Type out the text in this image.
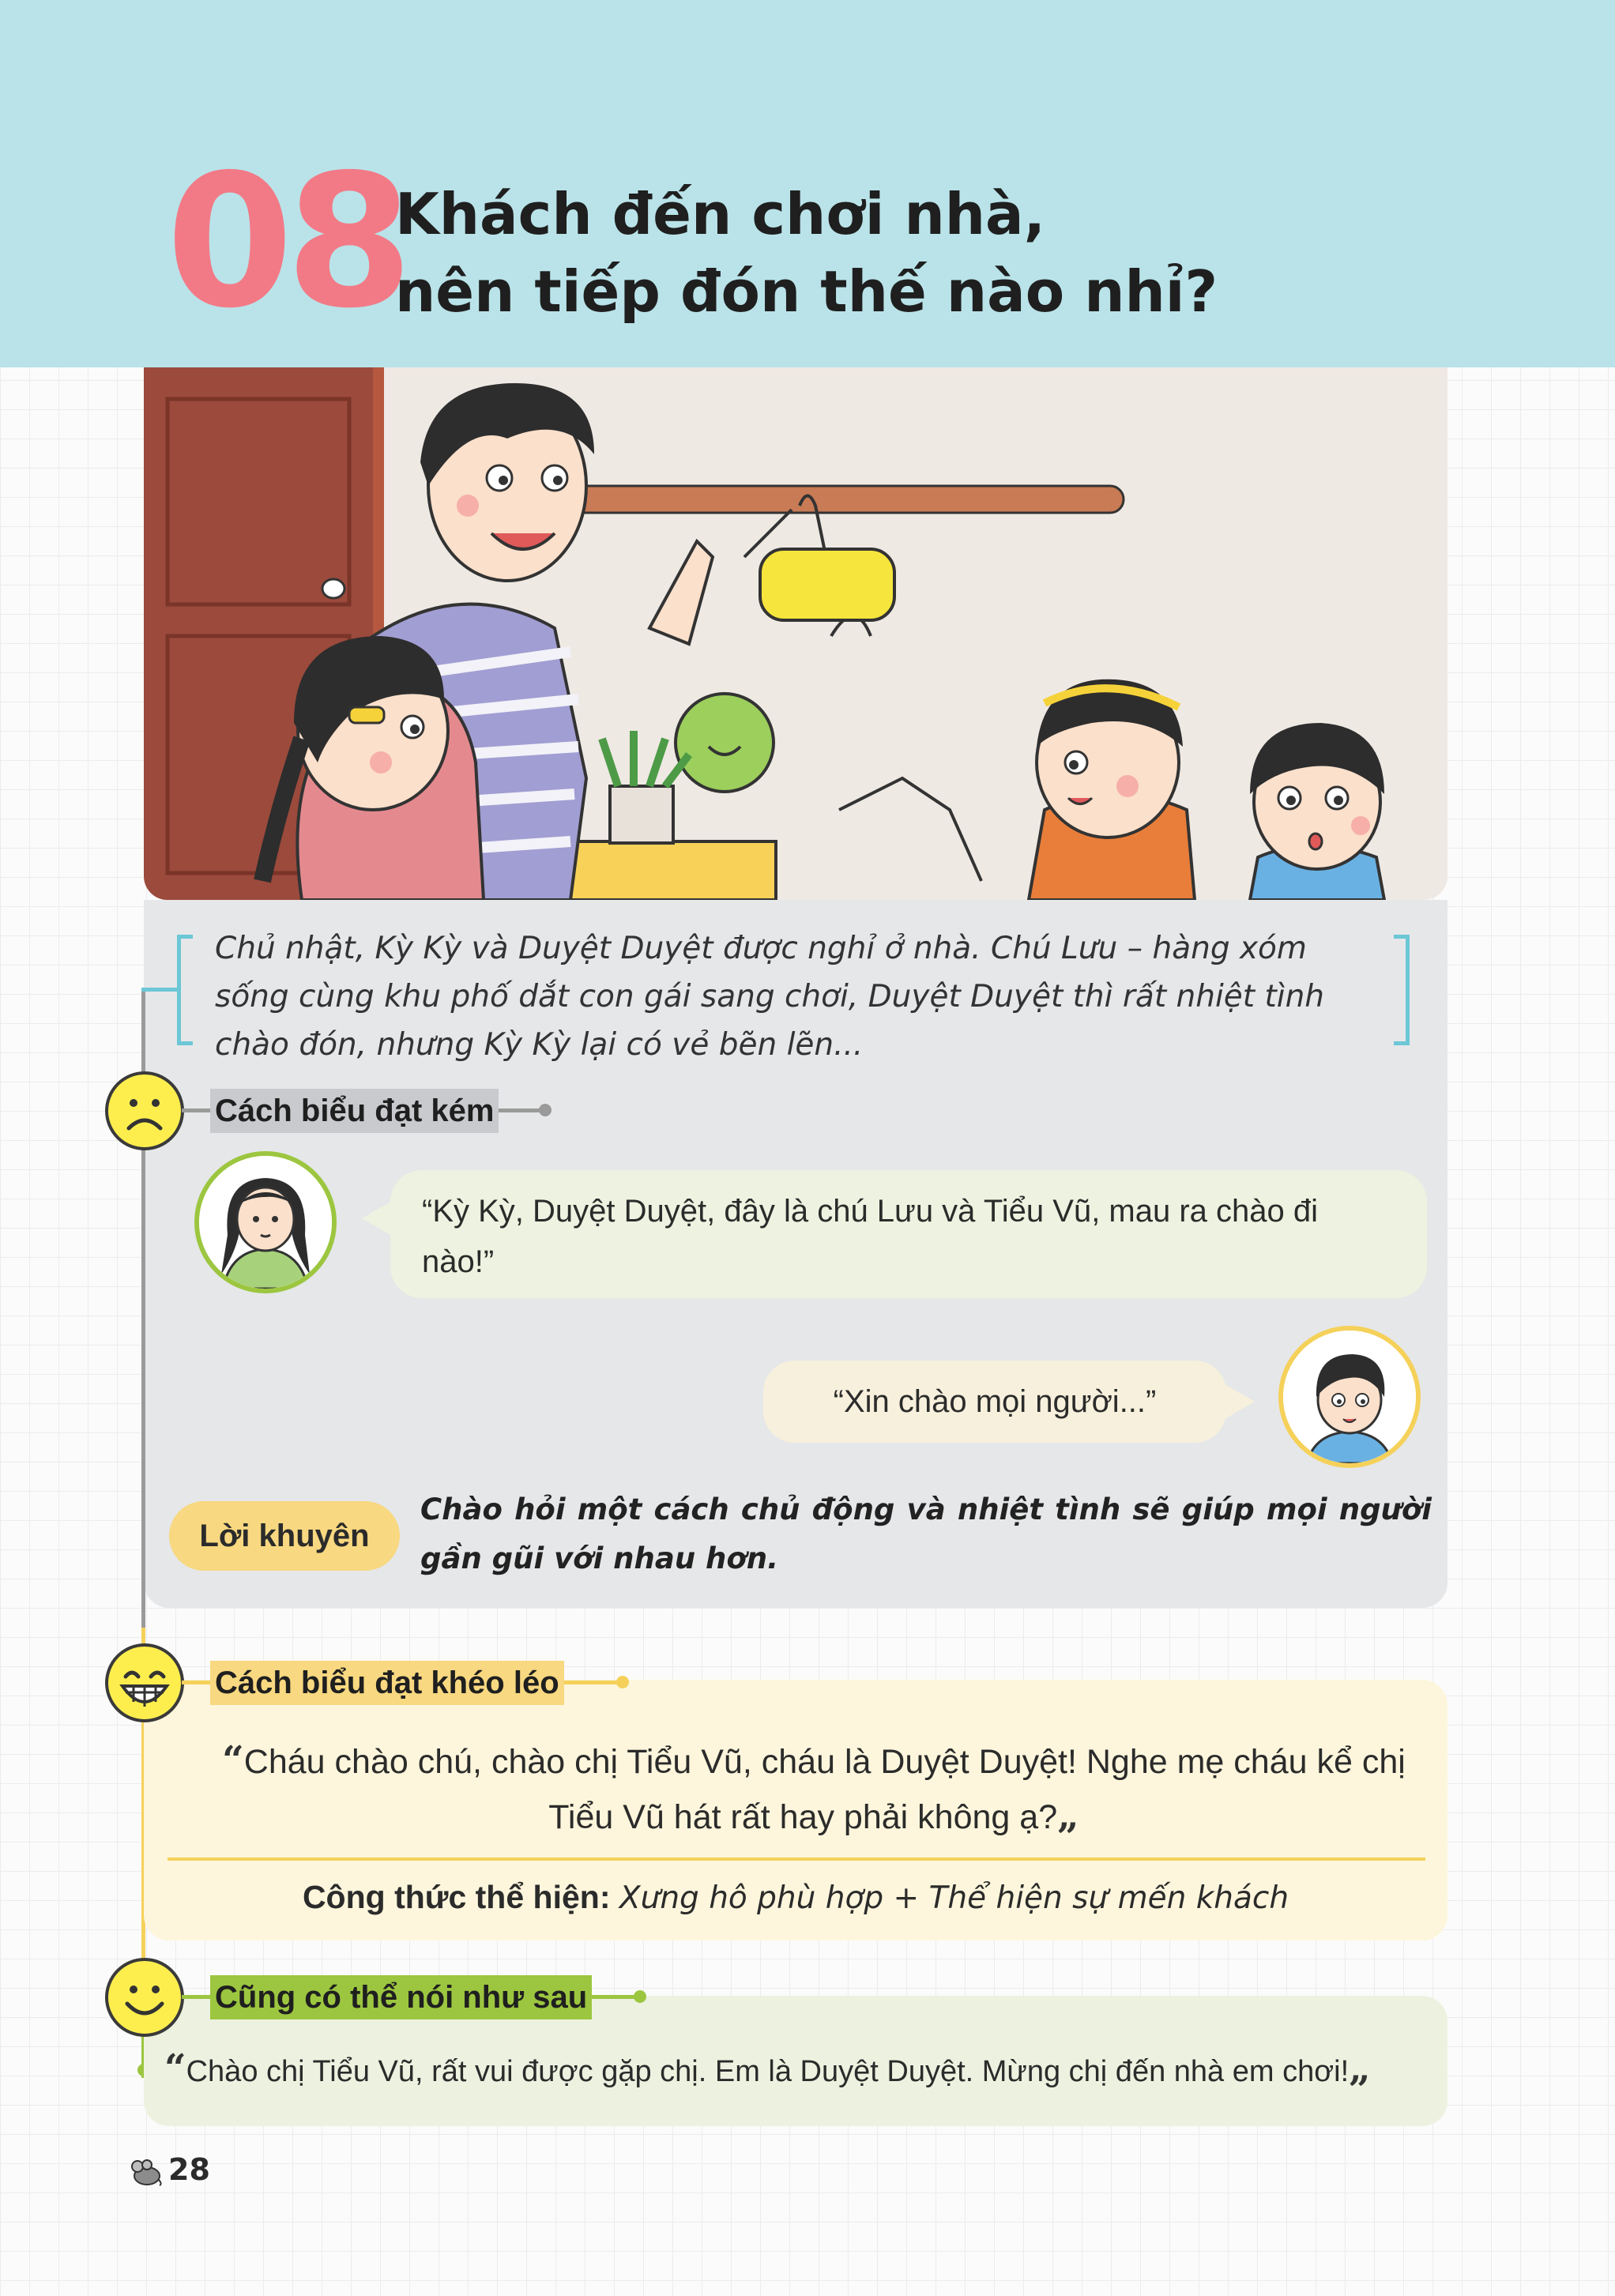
08
Khách đến chơi nhà,
nên tiếp đón thế nào nhỉ?
Chủ nhật, Kỳ Kỳ và Duyệt Duyệt được nghỉ ở nhà. Chú Lưu – hàng xóm sống cùng khu phố dắt con gái sang chơi, Duyệt Duyệt thì rất nhiệt tình chào đón, nhưng Kỳ Kỳ lại có vẻ bẽn lẽn...
Cách biểu đạt kém
“Kỳ Kỳ, Duyệt Duyệt, đây là chú Lưu và Tiểu Vũ, mau ra chào đi nào!”
“Xin chào mọi người...”
Lời khuyên
Chào hỏi một cách chủ động và nhiệt tình sẽ giúp mọi người gần gũi với nhau hơn.
Cách biểu đạt khéo léo
“Cháu chào chú, chào chị Tiểu Vũ, cháu là Duyệt Duyệt! Nghe mẹ cháu kể chị Tiểu Vũ hát rất hay phải không ạ?„
Công thức thể hiện: Xưng hô phù hợp + Thể hiện sự mến khách
Cũng có thể nói như sau
“Chào chị Tiểu Vũ, rất vui được gặp chị. Em là Duyệt Duyệt. Mừng chị đến nhà em chơi!„
28
